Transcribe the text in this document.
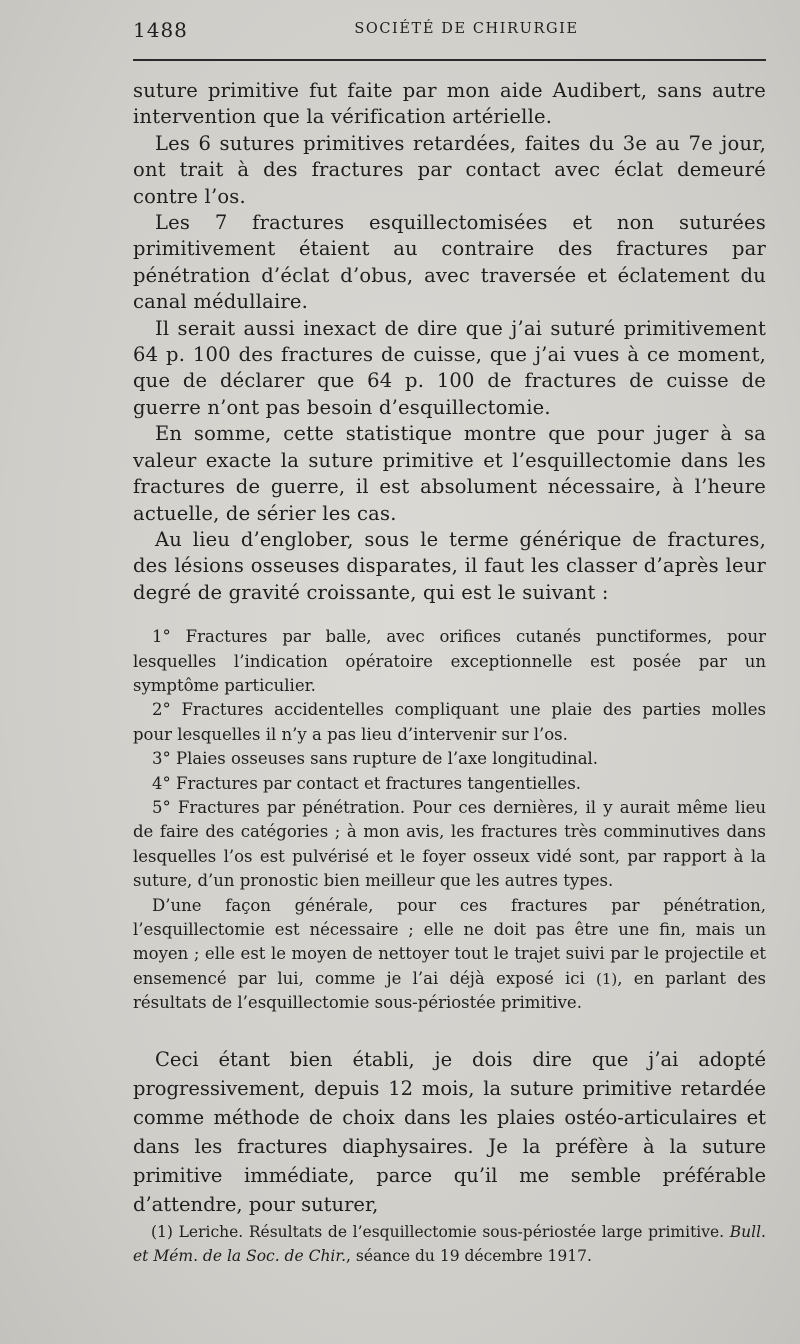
1488	SOCIÉTÉ DE CHIRURGIE

suture primitive fut faite par mon aide Audibert, sans autre intervention que la vérification artérielle.

Les 6 sutures primitives retardées, faites du 3e au 7e jour, ont trait à des fractures par contact avec éclat demeuré contre l’os.

Les 7 fractures esquillectomisées et non suturées primitivement étaient au contraire des fractures par pénétration d’éclat d’obus, avec traversée et éclatement du canal médullaire.

Il serait aussi inexact de dire que j’ai suturé primitivement 64 p. 100 des fractures de cuisse, que j’ai vues à ce moment, que de déclarer que 64 p. 100 de fractures de cuisse de guerre n’ont pas besoin d’esquillectomie.

En somme, cette statistique montre que pour juger à sa valeur exacte la suture primitive et l’esquillectomie dans les fractures de guerre, il est absolument nécessaire, à l’heure actuelle, de sérier les cas.

Au lieu d’englober, sous le terme générique de fractures, des lésions osseuses disparates, il faut les classer d’après leur degré de gravité croissante, qui est le suivant :

1° Fractures par balle, avec orifices cutanés punctiformes, pour lesquelles l’indication opératoire exceptionnelle est posée par un symptôme particulier.

2° Fractures accidentelles compliquant une plaie des parties molles pour lesquelles il n’y a pas lieu d’intervenir sur l’os.

3° Plaies osseuses sans rupture de l’axe longitudinal.

4° Fractures par contact et fractures tangentielles.

5° Fractures par pénétration. Pour ces dernières, il y aurait même lieu de faire des catégories ; à mon avis, les fractures très comminutives dans lesquelles l’os est pulvérisé et le foyer osseux vidé sont, par rapport à la suture, d’un pronostic bien meilleur que les autres types.

D’une façon générale, pour ces fractures par pénétration, l’esquillectomie est nécessaire ; elle ne doit pas être une fin, mais un moyen ; elle est le moyen de nettoyer tout le trajet suivi par le projectile et ensemencé par lui, comme je l’ai déjà exposé ici (1), en parlant des résultats de l’esquillectomie sous-périostée primitive.

Ceci étant bien établi, je dois dire que j’ai adopté progressivement, depuis 12 mois, la suture primitive retardée comme méthode de choix dans les plaies ostéo-articulaires et dans les fractures diaphysaires. Je la préfère à la suture primitive immédiate, parce qu’il me semble préférable d’attendre, pour suturer,

(1) Leriche. Résultats de l’esquillectomie sous-périostée large primitive. Bull. et Mém. de la Soc. de Chir., séance du 19 décembre 1917.
